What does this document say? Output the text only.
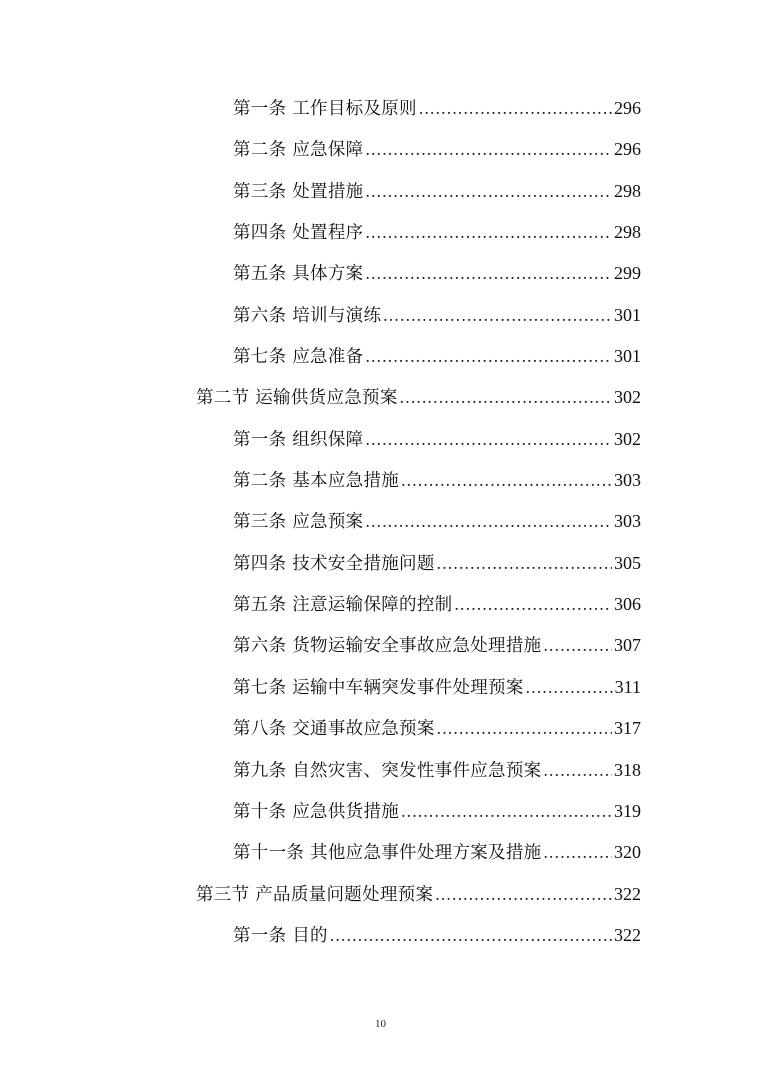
第一条 工作目标及原则 .....	296
第二条 应急保障 .....	296
第三条 处置措施 .....	298
第四条 处置程序 .....	298
第五条 具体方案 .....	299
第六条 培训与演练 .....	301
第七条 应急准备 .....	301
第二节 运输供货应急预案 .....	302
第一条 组织保障 .....	302
第二条 基本应急措施 .....	303
第三条 应急预案 .....	303
第四条 技术安全措施问题 .....	305
第五条 注意运输保障的控制 .....	306
第六条 货物运输安全事故应急处理措施 .....	307
第七条 运输中车辆突发事件处理预案 .....	311
第八条 交通事故应急预案 .....	317
第九条 自然灾害、突发性事件应急预案 .....	318
第十条 应急供货措施 .....	319
第十一条 其他应急事件处理方案及措施 .....	320
第三节 产品质量问题处理预案 .....	322
第一条 目的 .....	322
10
